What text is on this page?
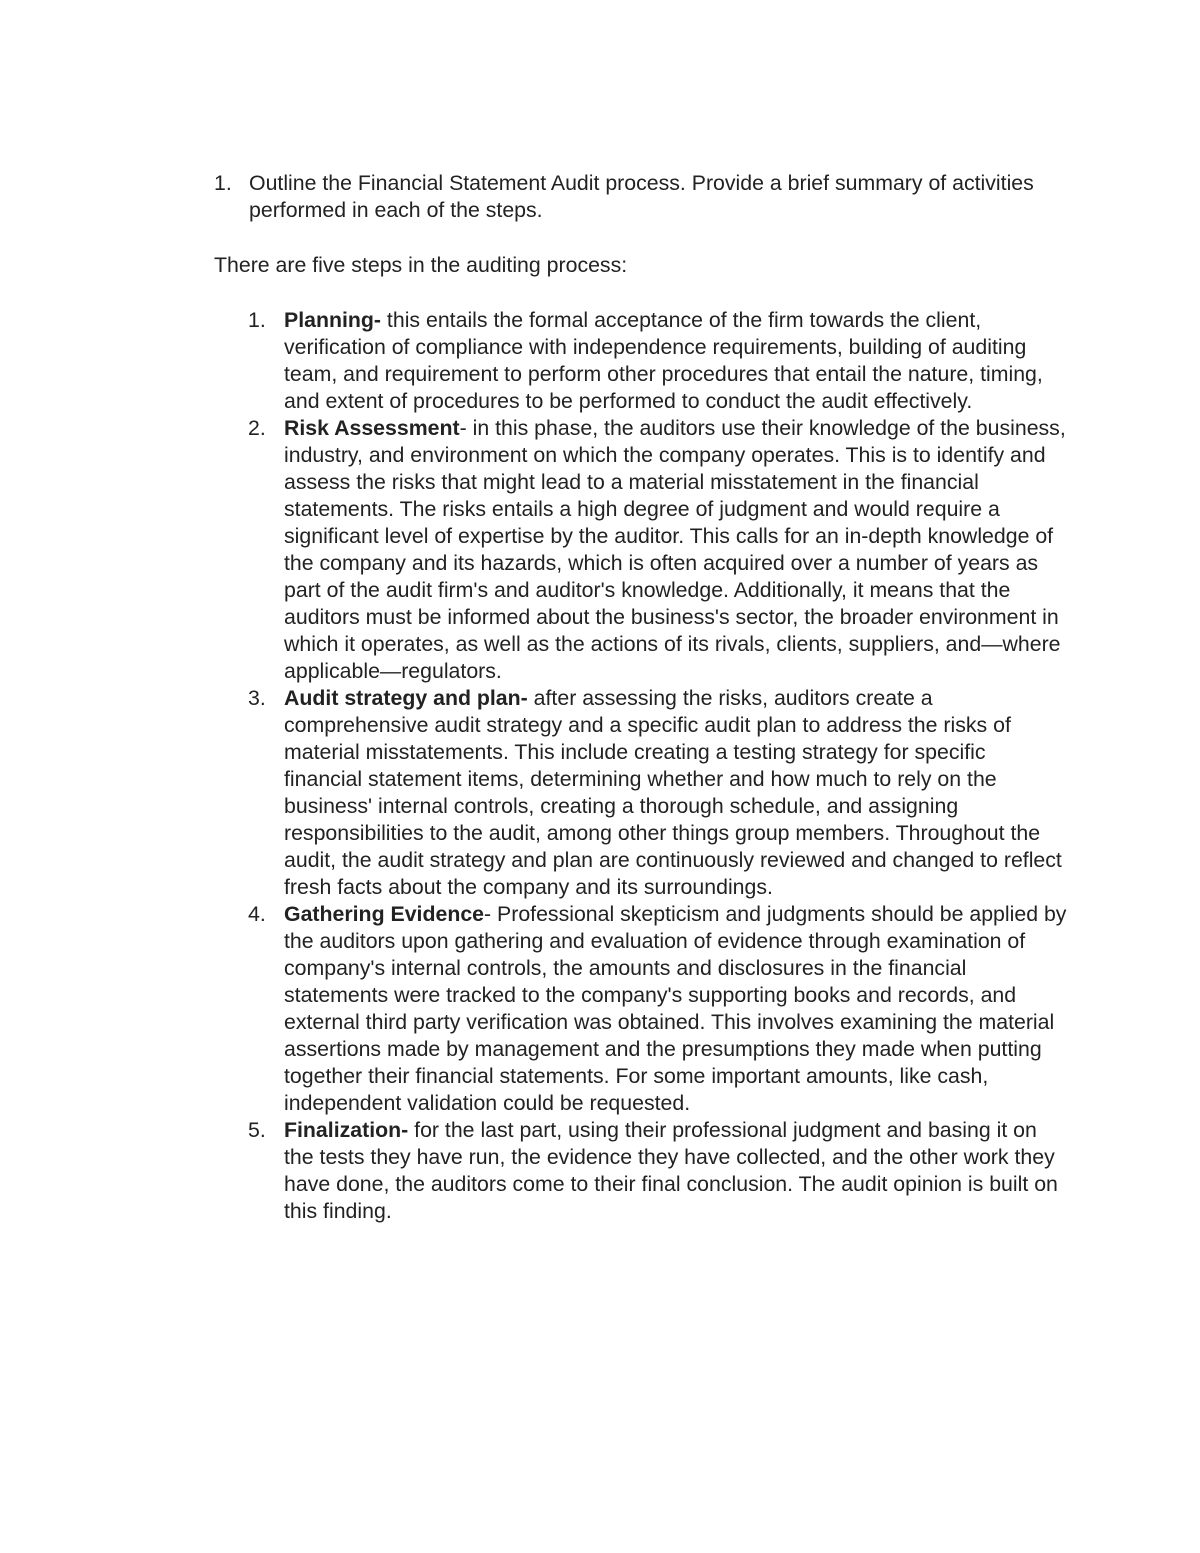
1. Outline the Financial Statement Audit process. Provide a brief summary of activities performed in each of the steps.
There are five steps in the auditing process:
1. Planning- this entails the formal acceptance of the firm towards the client, verification of compliance with independence requirements, building of auditing team, and requirement to perform other procedures that entail the nature, timing, and extent of procedures to be performed to conduct the audit effectively.
2. Risk Assessment- in this phase, the auditors use their knowledge of the business, industry, and environment on which the company operates. This is to identify and assess the risks that might lead to a material misstatement in the financial statements. The risks entails a high degree of judgment and would require a significant level of expertise by the auditor. This calls for an in-depth knowledge of the company and its hazards, which is often acquired over a number of years as part of the audit firm's and auditor's knowledge. Additionally, it means that the auditors must be informed about the business's sector, the broader environment in which it operates, as well as the actions of its rivals, clients, suppliers, and—where applicable—regulators.
3. Audit strategy and plan- after assessing the risks, auditors create a comprehensive audit strategy and a specific audit plan to address the risks of material misstatements. This include creating a testing strategy for specific financial statement items, determining whether and how much to rely on the business' internal controls, creating a thorough schedule, and assigning responsibilities to the audit, among other things group members. Throughout the audit, the audit strategy and plan are continuously reviewed and changed to reflect fresh facts about the company and its surroundings.
4. Gathering Evidence- Professional skepticism and judgments should be applied by the auditors upon gathering and evaluation of evidence through examination of company's internal controls, the amounts and disclosures in the financial statements were tracked to the company's supporting books and records, and external third party verification was obtained. This involves examining the material assertions made by management and the presumptions they made when putting together their financial statements. For some important amounts, like cash, independent validation could be requested.
5. Finalization- for the last part, using their professional judgment and basing it on the tests they have run, the evidence they have collected, and the other work they have done, the auditors come to their final conclusion. The audit opinion is built on this finding.
